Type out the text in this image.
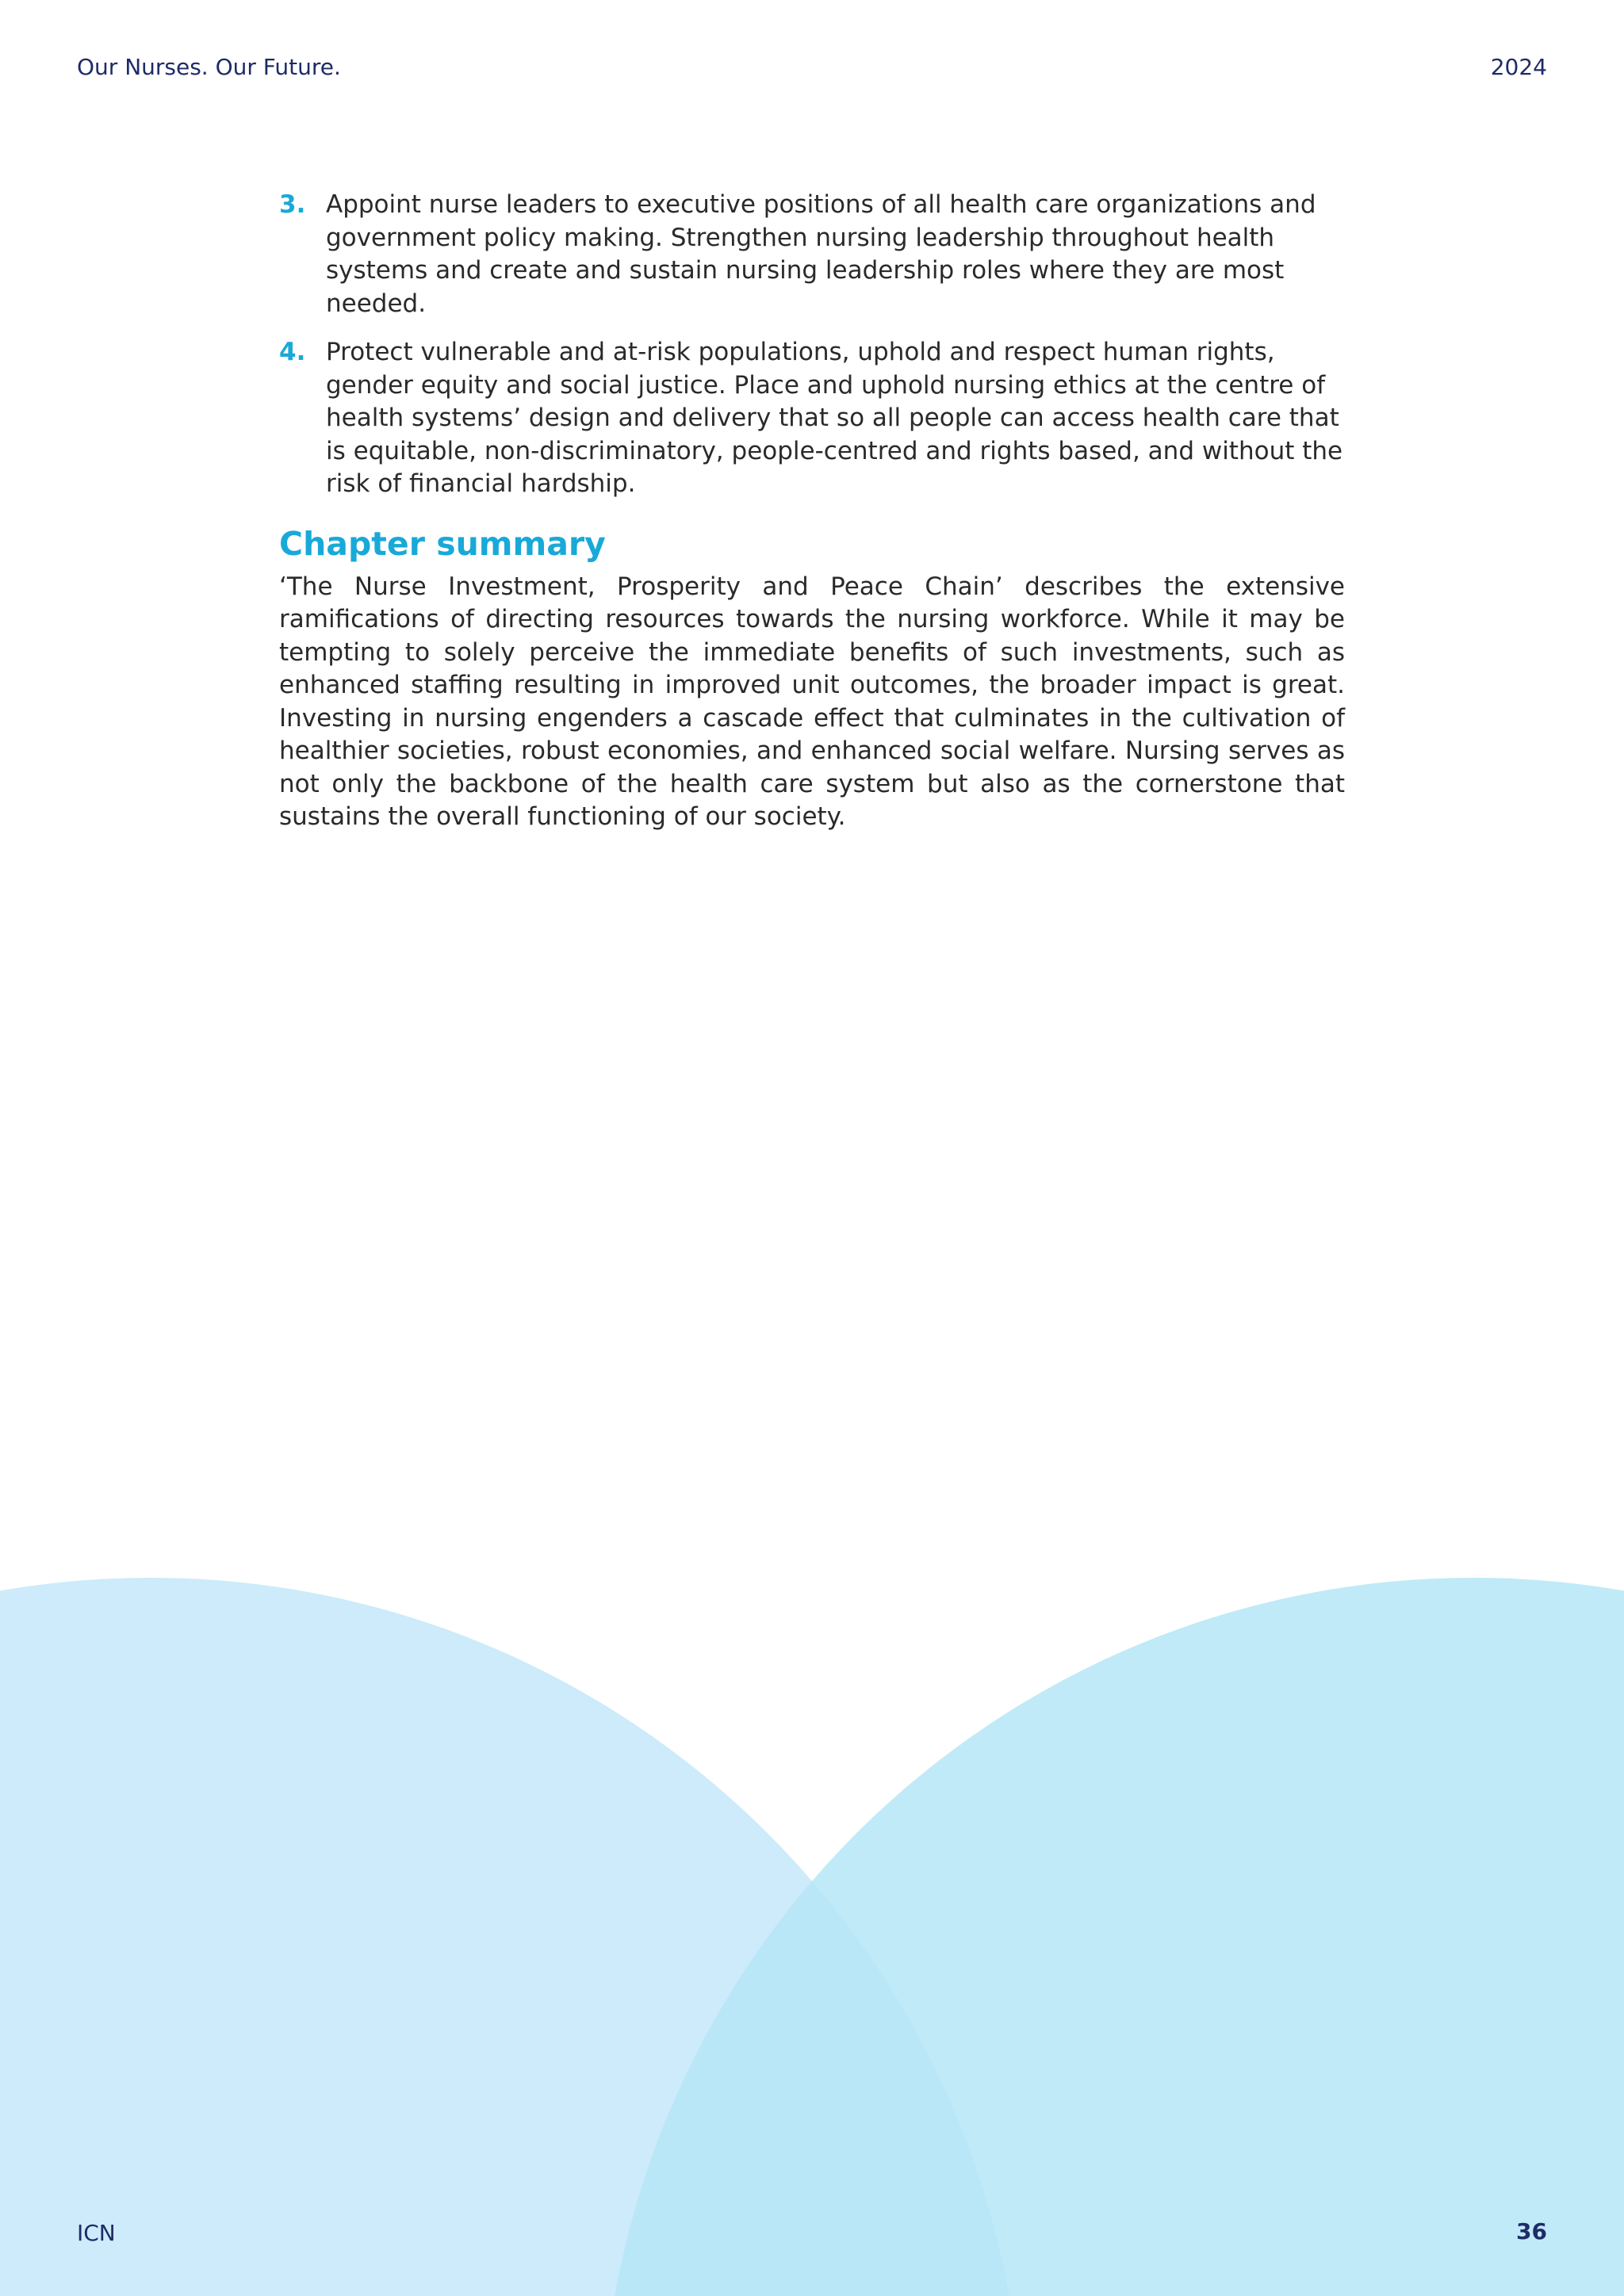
Our Nurses. Our Future.	2024
3. Appoint nurse leaders to executive positions of all health care organizations and government policy making. Strengthen nursing leadership throughout health systems and create and sustain nursing leadership roles where they are most needed.
4. Protect vulnerable and at-risk populations, uphold and respect human rights, gender equity and social justice. Place and uphold nursing ethics at the centre of health systems’ design and delivery that so all people can access health care that is equitable, non-discriminatory, people-centred and rights based, and without the risk of financial hardship.
Chapter summary

‘The Nurse Investment, Prosperity and Peace Chain’ describes the extensive ramifications of directing resources towards the nursing workforce. While it may be tempting to solely perceive the immediate benefits of such investments, such as enhanced staffing resulting in improved unit outcomes, the broader impact is great. Investing in nursing engenders a cascade effect that culminates in the cultivation of healthier societies, robust economies, and enhanced social welfare. Nursing serves as not only the backbone of the health care system but also as the cornerstone that sustains the overall functioning of our society.

ICN	36
